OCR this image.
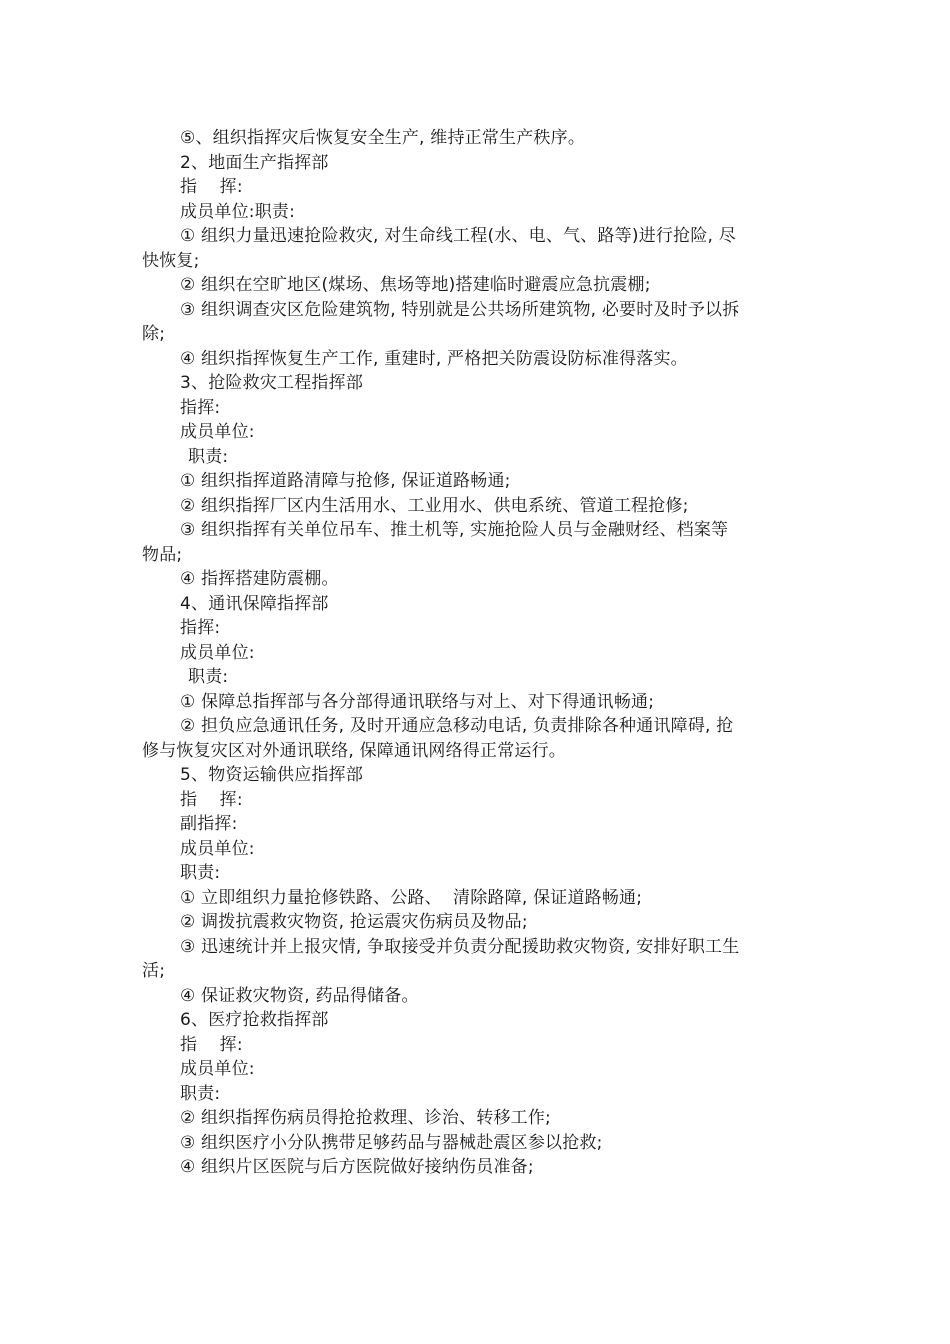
⑤、组织指挥灾后恢复安全生产, 维持正常生产秩序。
2、地面生产指挥部
指    挥:
成员单位:职责:
① 组织力量迅速抢险救灾, 对生命线工程(水、电、气、路等)进行抢险, 尽
快恢复;
② 组织在空旷地区(煤场、焦场等地)搭建临时避震应急抗震棚;
③ 组织调查灾区危险建筑物, 特别就是公共场所建筑物, 必要时及时予以拆
除;
④ 组织指挥恢复生产工作, 重建时, 严格把关防震设防标准得落实。
3、抢险救灾工程指挥部
指挥:
成员单位:
职责:
① 组织指挥道路清障与抢修, 保证道路畅通;
② 组织指挥厂区内生活用水、工业用水、供电系统、管道工程抢修;
③ 组织指挥有关单位吊车、推土机等, 实施抢险人员与金融财经、档案等
物品;
④ 指挥搭建防震棚。
4、通讯保障指挥部
指挥:
成员单位:
职责:
① 保障总指挥部与各分部得通讯联络与对上、对下得通讯畅通;
② 担负应急通讯任务, 及时开通应急移动电话, 负责排除各种通讯障碍, 抢
修与恢复灾区对外通讯联络, 保障通讯网络得正常运行。
5、物资运输供应指挥部
指    挥:
副指挥:
成员单位:
职责:
① 立即组织力量抢修铁路、公路、  清除路障, 保证道路畅通;
② 调拨抗震救灾物资, 抢运震灾伤病员及物品;
③ 迅速统计并上报灾情, 争取接受并负责分配援助救灾物资, 安排好职工生
活;
④ 保证救灾物资, 药品得储备。
6、医疗抢救指挥部
指    挥:
成员单位:
职责:
② 组织指挥伤病员得抢抢救理、诊治、转移工作;
③ 组织医疗小分队携带足够药品与器械赴震区参以抢救;
④ 组织片区医院与后方医院做好接纳伤员准备;
